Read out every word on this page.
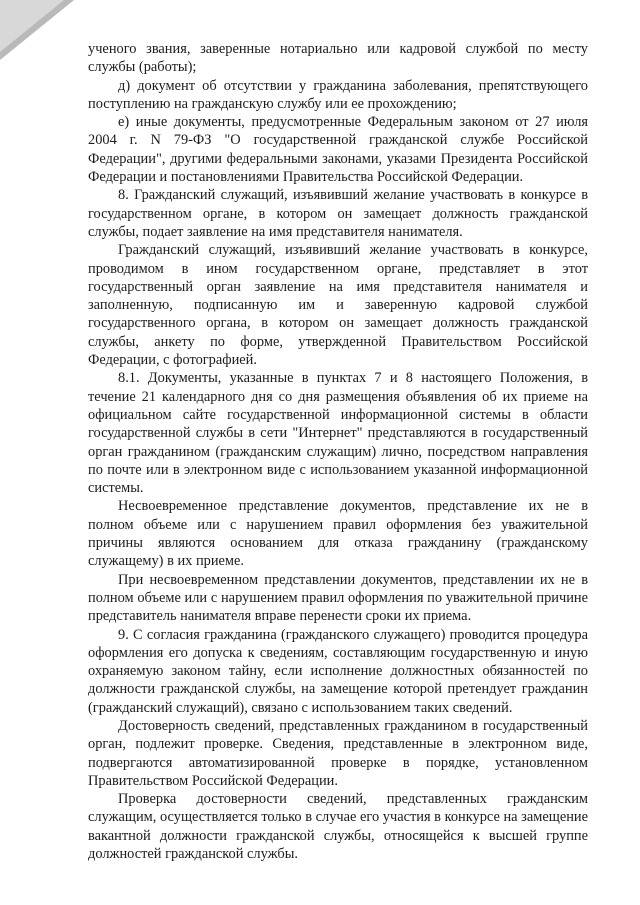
ученого звания, заверенные нотариально или кадровой службой по месту службы (работы);

д) документ об отсутствии у гражданина заболевания, препятствующего поступлению на гражданскую службу или ее прохождению;

е) иные документы, предусмотренные Федеральным законом от 27 июля 2004 г. N 79-ФЗ "О государственной гражданской службе Российской Федерации", другими федеральными законами, указами Президента Российской Федерации и постановлениями Правительства Российской Федерации.

8. Гражданский служащий, изъявивший желание участвовать в конкурсе в государственном органе, в котором он замещает должность гражданской службы, подает заявление на имя представителя нанимателя.

Гражданский служащий, изъявивший желание участвовать в конкурсе, проводимом в ином государственном органе, представляет в этот государственный орган заявление на имя представителя нанимателя и заполненную, подписанную им и заверенную кадровой службой государственного органа, в котором он замещает должность гражданской службы, анкету по форме, утвержденной Правительством Российской Федерации, с фотографией.

8.1. Документы, указанные в пунктах 7 и 8 настоящего Положения, в течение 21 календарного дня со дня размещения объявления об их приеме на официальном сайте государственной информационной системы в области государственной службы в сети "Интернет" представляются в государственный орган гражданином (гражданским служащим) лично, посредством направления по почте или в электронном виде с использованием указанной информационной системы.

Несвоевременное представление документов, представление их не в полном объеме или с нарушением правил оформления без уважительной причины являются основанием для отказа гражданину (гражданскому служащему) в их приеме.

При несвоевременном представлении документов, представлении их не в полном объеме или с нарушением правил оформления по уважительной причине представитель нанимателя вправе перенести сроки их приема.

9. С согласия гражданина (гражданского служащего) проводится процедура оформления его допуска к сведениям, составляющим государственную и иную охраняемую законом тайну, если исполнение должностных обязанностей по должности гражданской службы, на замещение которой претендует гражданин (гражданский служащий), связано с использованием таких сведений.

Достоверность сведений, представленных гражданином в государственный орган, подлежит проверке. Сведения, представленные в электронном виде, подвергаются автоматизированной проверке в порядке, установленном Правительством Российской Федерации.

Проверка достоверности сведений, представленных гражданским служащим, осуществляется только в случае его участия в конкурсе на замещение вакантной должности гражданской службы, относящейся к высшей группе должностей гражданской службы.
